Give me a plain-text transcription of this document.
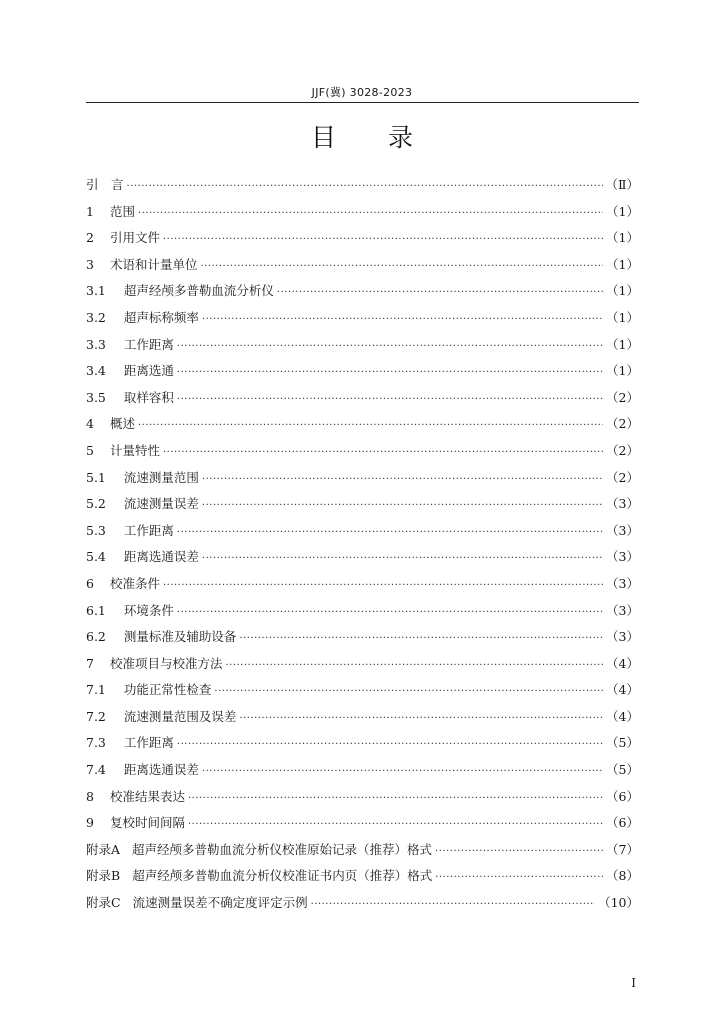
JJF(冀) 3028-2023
目 录
引　言 ·····	（Ⅱ）
1	范围 ·····	（1）
2	引用文件 ·····	（1）
3	术语和计量单位 ·····	（1）
3.1	超声经颅多普勒血流分析仪 ·····	（1）
3.2	超声标称频率 ·····	（1）
3.3	工作距离 ·····	（1）
3.4	距离选通 ·····	（1）
3.5	取样容积 ·····	（2）
4	概述 ·····	（2）
5	计量特性 ·····	（2）
5.1	流速测量范围 ·····	（2）
5.2	流速测量误差 ·····	（3）
5.3	工作距离 ·····	（3）
5.4	距离选通误差 ·····	（3）
6	校准条件 ·····	（3）
6.1	环境条件 ·····	（3）
6.2	测量标准及辅助设备 ·····	（3）
7	校准项目与校准方法 ·····	（4）
7.1	功能正常性检查 ·····	（4）
7.2	流速测量范围及误差 ·····	（4）
7.3	工作距离 ·····	（5）
7.4	距离选通误差 ·····	（5）
8	校准结果表达 ·····	（6）
9	复校时间间隔 ·····	（6）
附录A 超声经颅多普勒血流分析仪校准原始记录（推荐）格式 ·····	（7）
附录B 超声经颅多普勒血流分析仪校准证书内页（推荐）格式 ·····	（8）
附录C 流速测量误差不确定度评定示例 ·····	（10）
I
